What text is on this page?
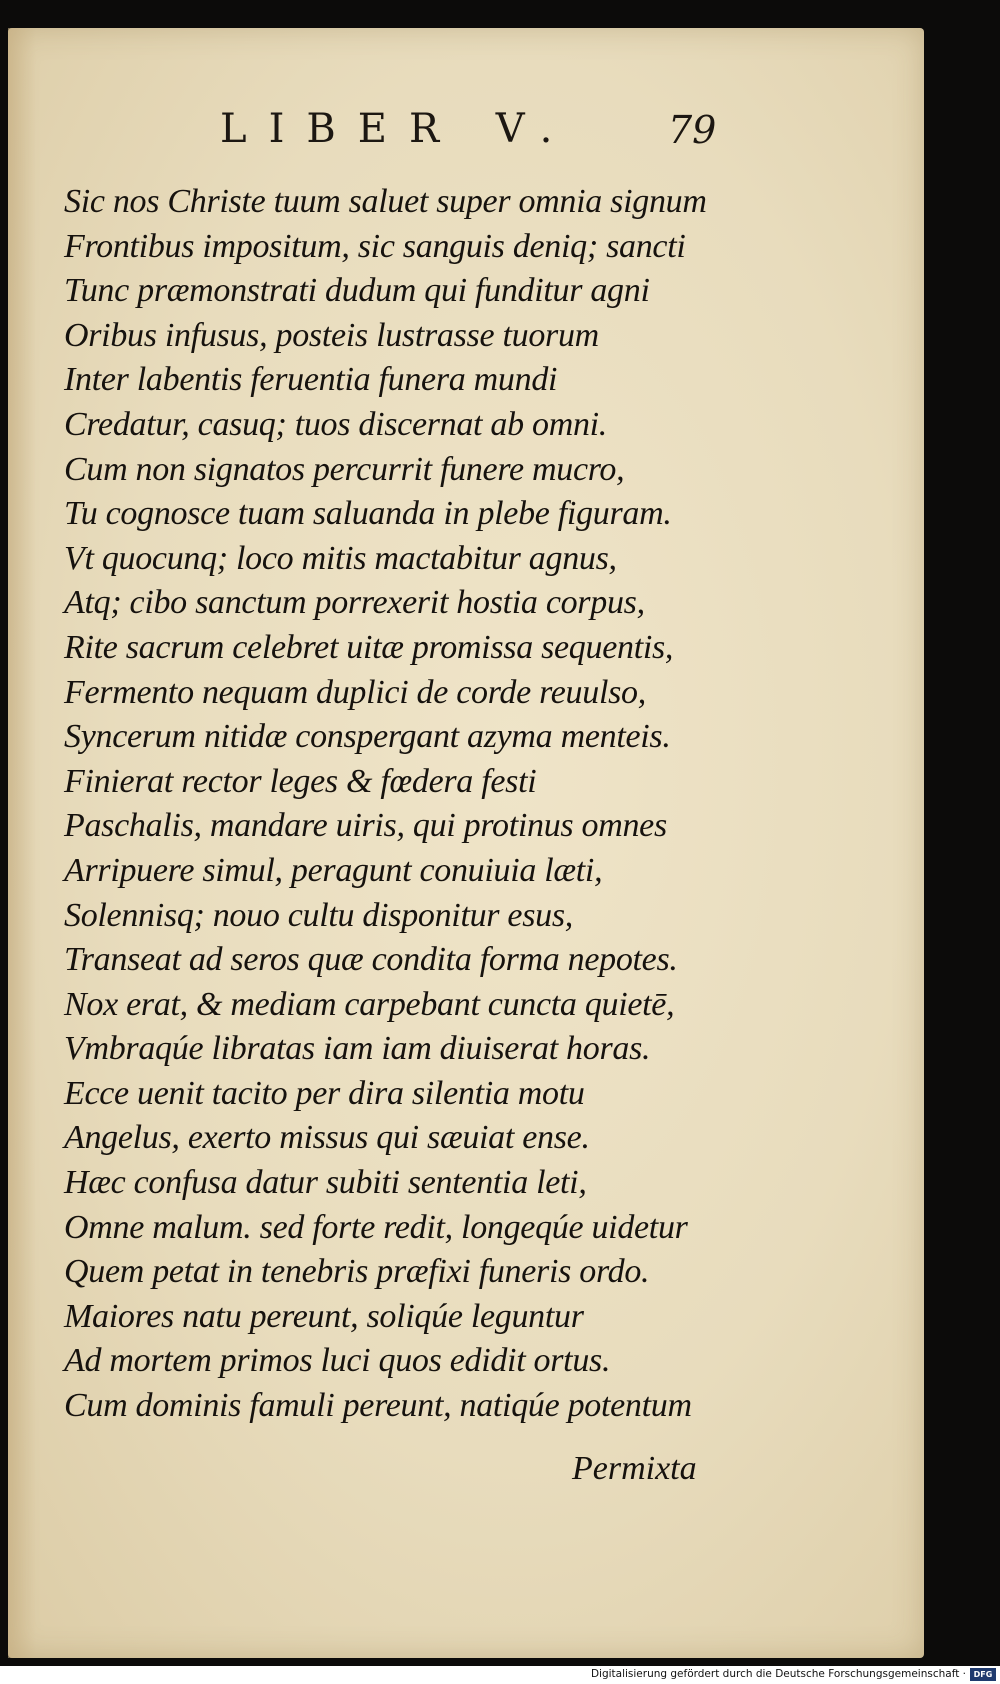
LIBER V. 79
Sic nos Christe tuum saluet super omnia signum
Frontibus impositum, sic sanguis deniq; sancti
Tunc præmonstrati dudum qui funditur agni
Oribus infusus, posteis lustrasse tuorum
Inter labentis feruentia funera mundi
Credatur, casuq; tuos discernat ab omni.
Cum non signatos percurrit funere mucro,
Tu cognosce tuam saluanda in plebe figuram.
Vt quocunq; loco mitis mactabitur agnus,
Atq; cibo sanctum porrexerit hostia corpus,
Rite sacrum celebret uitæ promissa sequentis,
Fermento nequam duplici de corde reuulso,
Syncerum nitidæ conspergant azyma menteis.
Finierat rector leges & fœdera festi
Paschalis, mandare uiris, qui protinus omnes
Arripuere simul, peragunt conuiuia læti,
Solennisq; nouo cultu disponitur esus,
Transeat ad seros quæ condita forma nepotes.
Nox erat, & mediam carpebant cuncta quietē,
Vmbraqúe libratas iam iam diuiserat horas.
Ecce uenit tacito per dira silentia motu
Angelus, exerto missus qui sæuiat ense.
Hæc confusa datur subiti sententia leti,
Omne malum. sed forte redit, longeqúe uidetur
Quem petat in tenebris præfixi funeris ordo.
Maiores natu pereunt, soliqúe leguntur
Ad mortem primos luci quos edidit ortus.
Cum dominis famuli pereunt, natiqúe potentum
Permixta
Digitalisierung gefördert durch die Deutsche Forschungsgemeinschaft · DFG
